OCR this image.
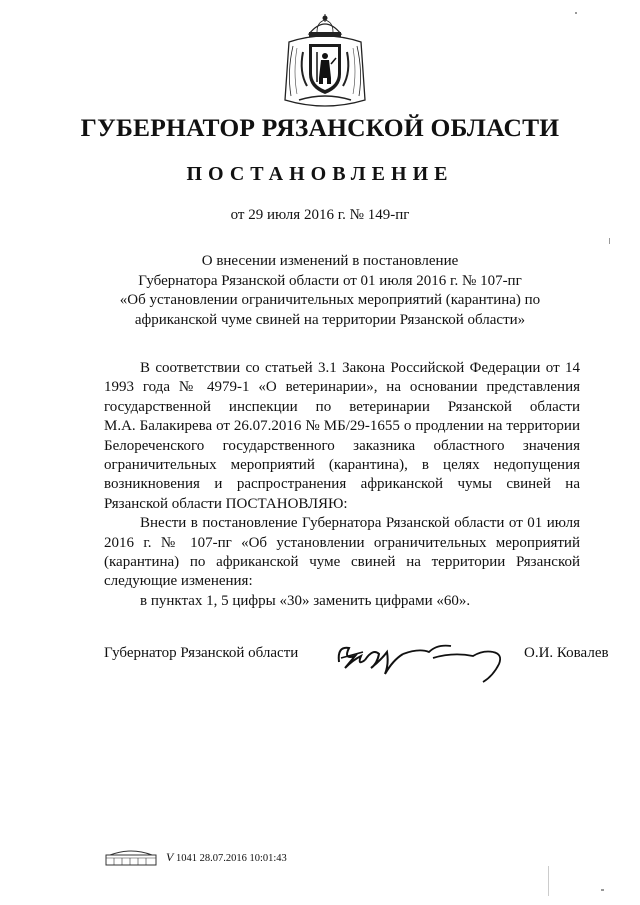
ГУБЕРНАТОР РЯЗАНСКОЙ ОБЛАСТИ
ПОСТАНОВЛЕНИЕ
от 29 июля 2016 г. № 149-пг
О внесении изменений в постановление
Губернатора Рязанской области от 01 июля 2016 г. № 107-пг
«Об установлении ограничительных мероприятий (карантина) по
африканской чуме свиней на территории Рязанской области»
В соответствии со статьей 3.1 Закона Российской Федерации от 14
1993 года № 4979-1 «О ветеринарии», на основании представления
государственной инспекции по ветеринарии Рязанской области
М.А. Балакирева от 26.07.2016 № МБ/29-1655 о продлении на территории
Белореченского государственного заказника областного значения
ограничительных мероприятий (карантина), в целях недопущения
возникновения и распространения африканской чумы свиней на
Рязанской области ПОСТАНОВЛЯЮ:
Внести в постановление Губернатора Рязанской области от 01 июля
2016 г. № 107-пг «Об установлении ограничительных мероприятий
(карантина) по африканской чуме свиней на территории Рязанской
следующие изменения:
в пунктах 1, 5 цифры «30» заменить цифрами «60».
Губернатор Рязанской области	О.И. Ковалев
V 1041 28.07.2016 10:01:43
